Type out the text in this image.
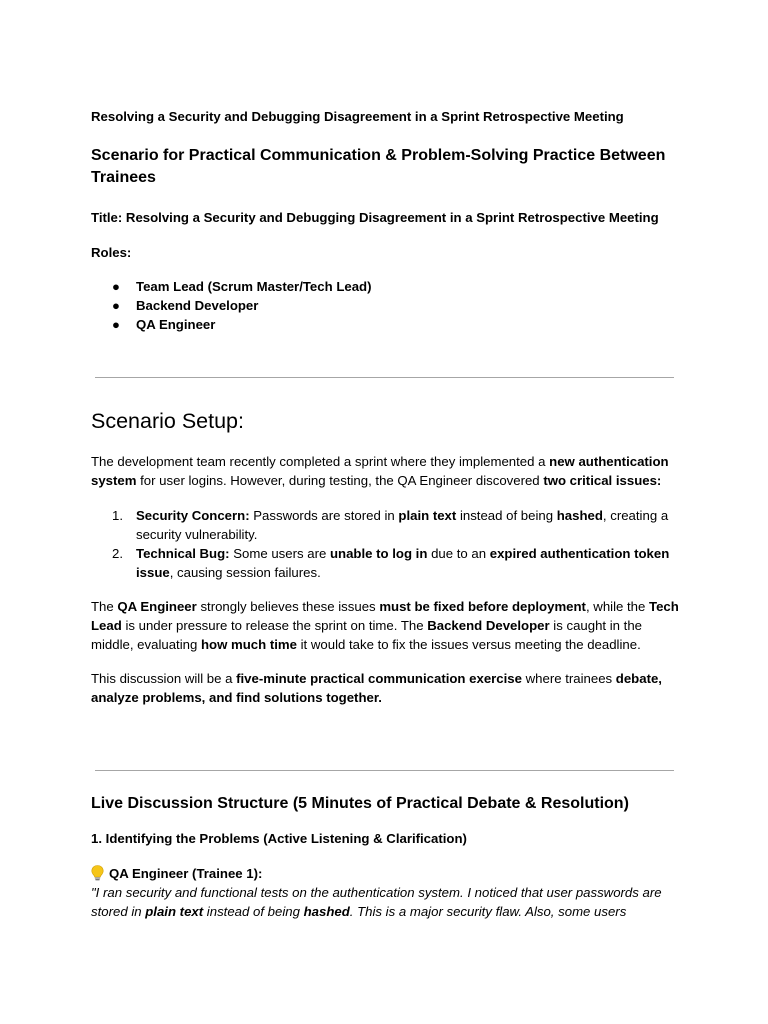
Resolving a Security and Debugging Disagreement in a Sprint Retrospective Meeting

Scenario for Practical Communication & Problem-Solving Practice Between Trainees

Title: Resolving a Security and Debugging Disagreement in a Sprint Retrospective Meeting

Roles:

● Team Lead (Scrum Master/Tech Lead)
● Backend Developer
● QA Engineer

Scenario Setup:

The development team recently completed a sprint where they implemented a new authentication system for user logins. However, during testing, the QA Engineer discovered two critical issues:

1. Security Concern: Passwords are stored in plain text instead of being hashed, creating a security vulnerability.
2. Technical Bug: Some users are unable to log in due to an expired authentication token issue, causing session failures.

The QA Engineer strongly believes these issues must be fixed before deployment, while the Tech Lead is under pressure to release the sprint on time. The Backend Developer is caught in the middle, evaluating how much time it would take to fix the issues versus meeting the deadline.

This discussion will be a five-minute practical communication exercise where trainees debate, analyze problems, and find solutions together.

Live Discussion Structure (5 Minutes of Practical Debate & Resolution)

1. Identifying the Problems (Active Listening & Clarification)

QA Engineer (Trainee 1):

"I ran security and functional tests on the authentication system. I noticed that user passwords are stored in plain text instead of being hashed. This is a major security flaw. Also, some users
